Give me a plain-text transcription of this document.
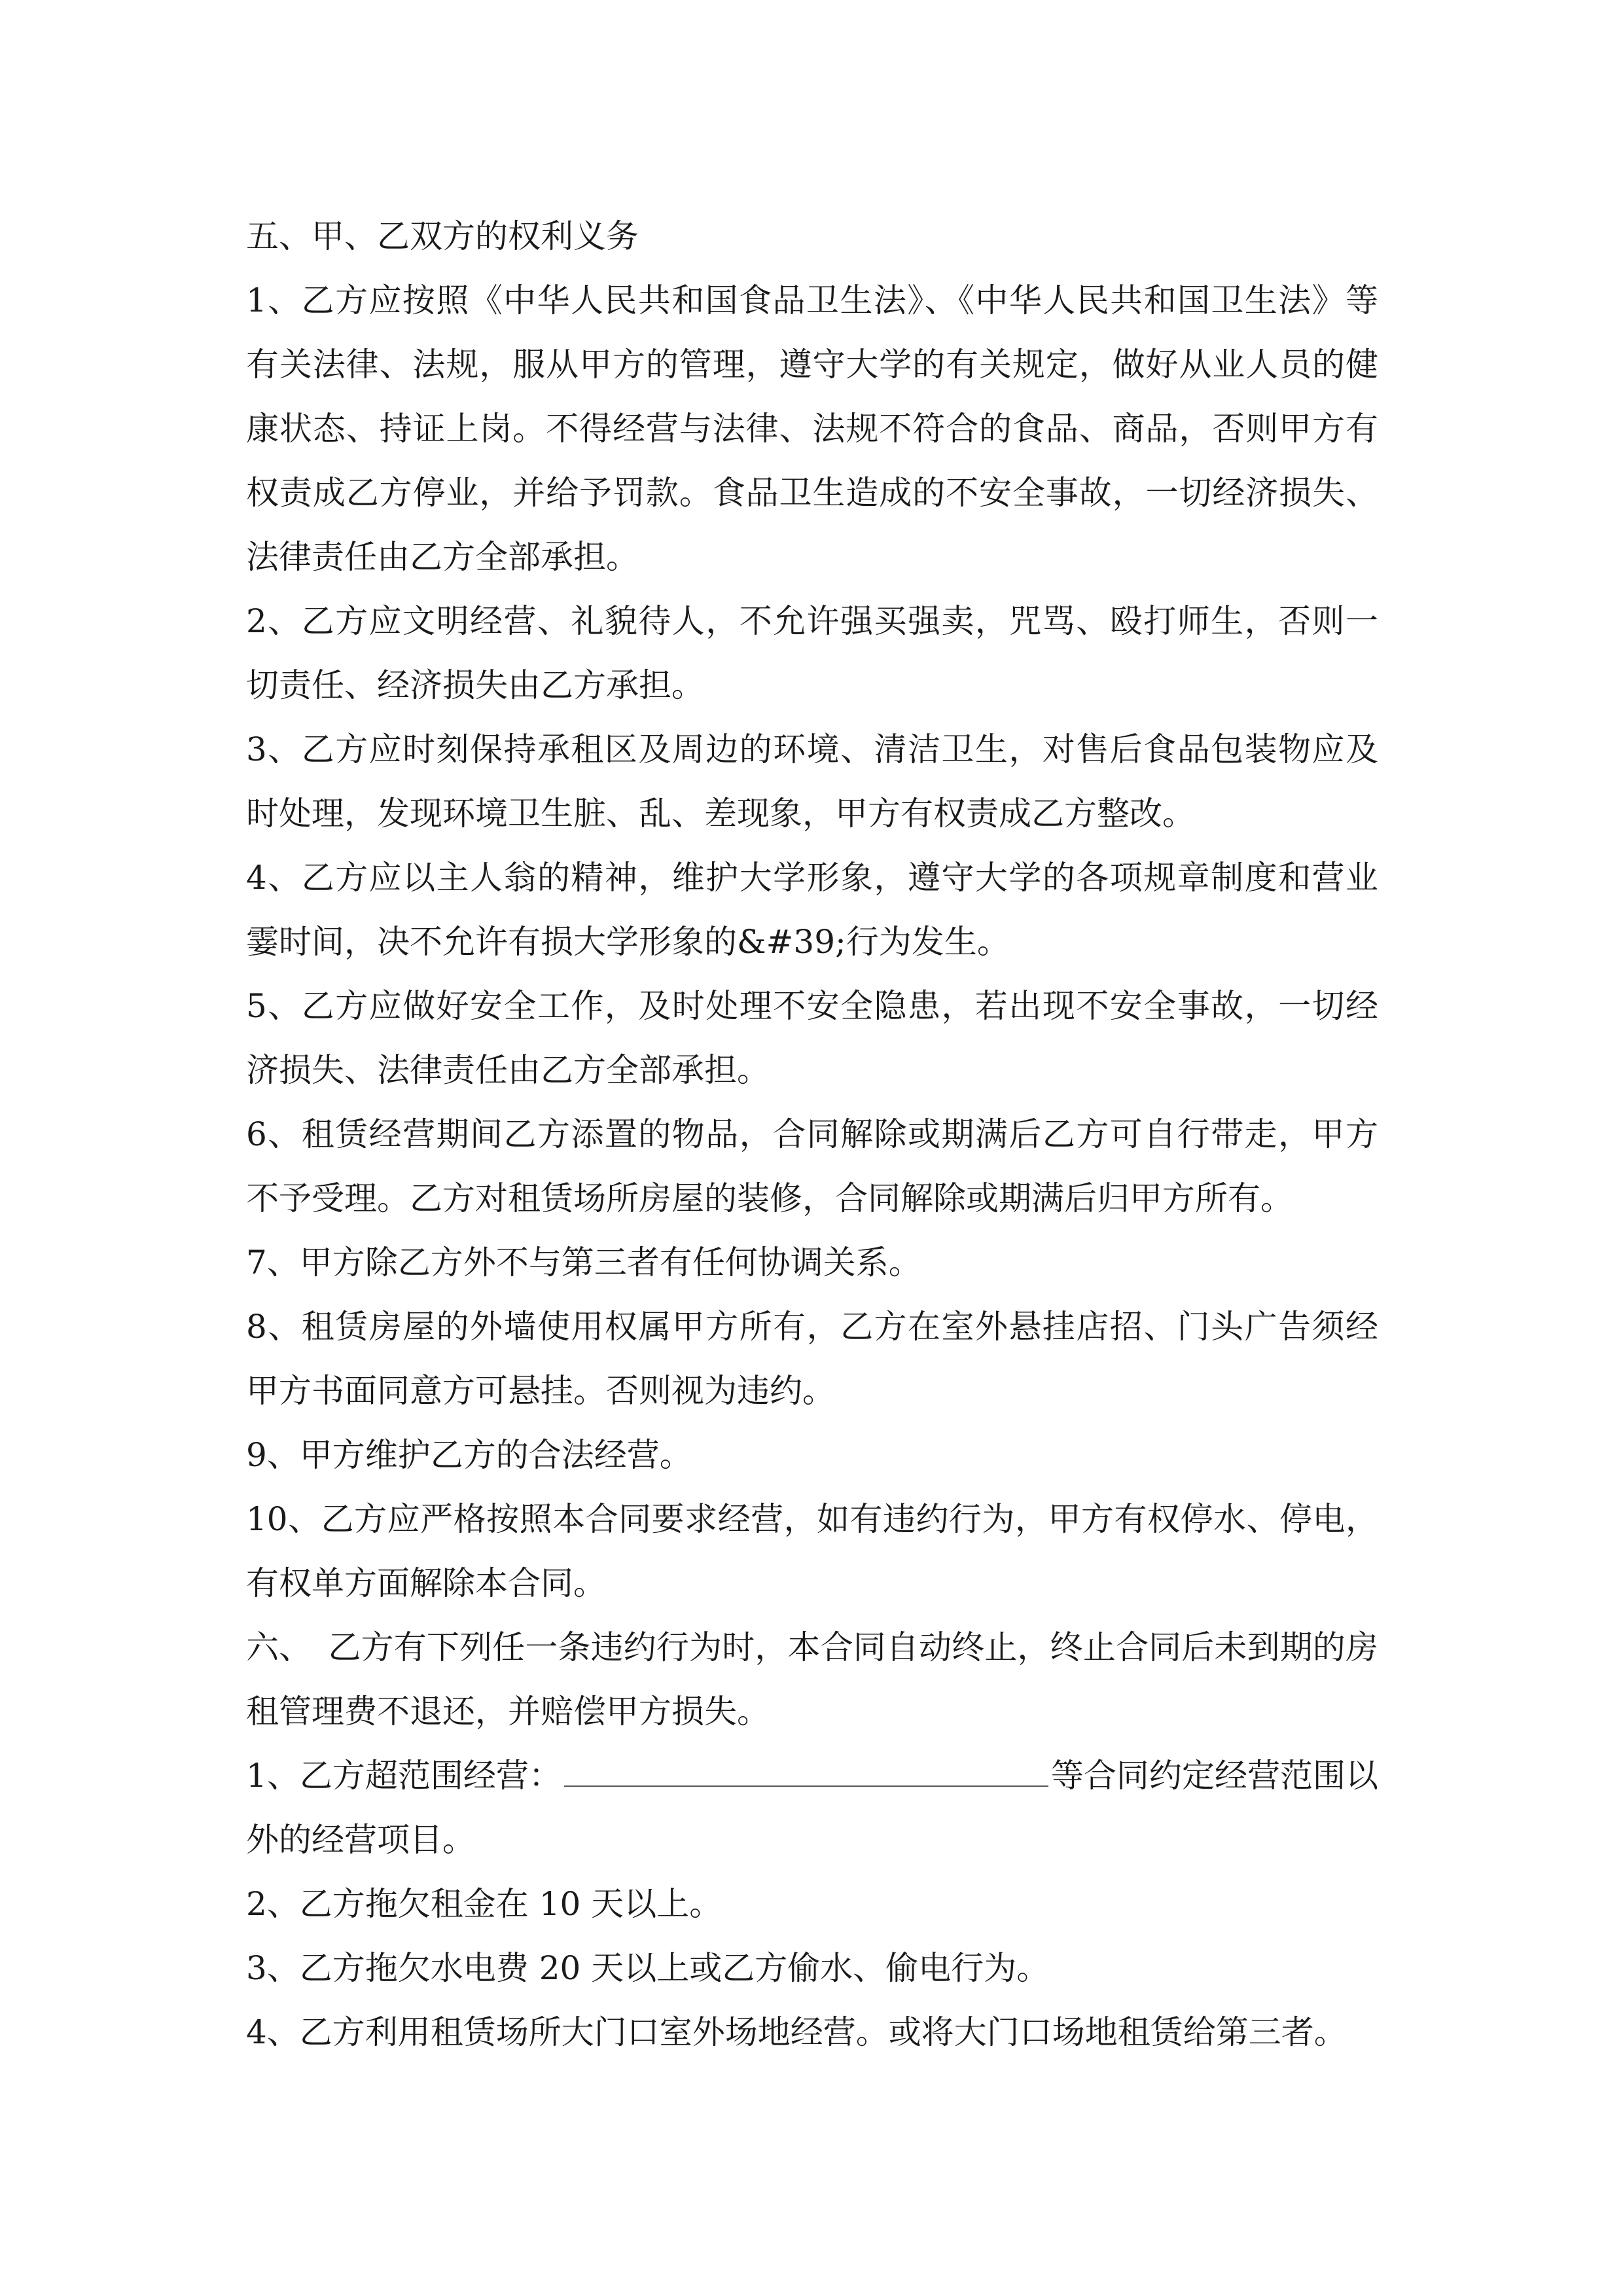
五、甲、乙双方的权利义务

1、乙方应按照《中华人民共和国食品卫生法》、《中华人民共和国卫生法》等有关法律、法规，服从甲方的管理，遵守大学的有关规定，做好从业人员的健康状态、持证上岗。不得经营与法律、法规不符合的食品、商品，否则甲方有权责成乙方停业，并给予罚款。食品卫生造成的不安全事故，一切经济损失、法律责任由乙方全部承担。

2、乙方应文明经营、礼貌待人，不允许强买强卖，咒骂、殴打师生，否则一切责任、经济损失由乙方承担。

3、乙方应时刻保持承租区及周边的环境、清洁卫生，对售后食品包装物应及时处理，发现环境卫生脏、乱、差现象，甲方有权责成乙方整改。

4、乙方应以主人翁的精神，维护大学形象，遵守大学的各项规章制度和营业霎时间，决不允许有损大学形象的&#39;行为发生。

5、乙方应做好安全工作，及时处理不安全隐患，若出现不安全事故，一切经济损失、法律责任由乙方全部承担。

6、租赁经营期间乙方添置的物品，合同解除或期满后乙方可自行带走，甲方不予受理。乙方对租赁场所房屋的装修，合同解除或期满后归甲方所有。

7、甲方除乙方外不与第三者有任何协调关系。

8、租赁房屋的外墙使用权属甲方所有，乙方在室外悬挂店招、门头广告须经甲方书面同意方可悬挂。否则视为违约。

9、甲方维护乙方的合法经营。

10、乙方应严格按照本合同要求经营，如有违约行为，甲方有权停水、停电，有权单方面解除本合同。

六、　乙方有下列任一条违约行为时，本合同自动终止，终止合同后未到期的房租管理费不退还，并赔偿甲方损失。

1、乙方超范围经营：	等合同约定经营范围以外的经营项目。

2、乙方拖欠租金在 10 天以上。

3、乙方拖欠水电费 20 天以上或乙方偷水、偷电行为。

4、乙方利用租赁场所大门口室外场地经营。或将大门口场地租赁给第三者。
